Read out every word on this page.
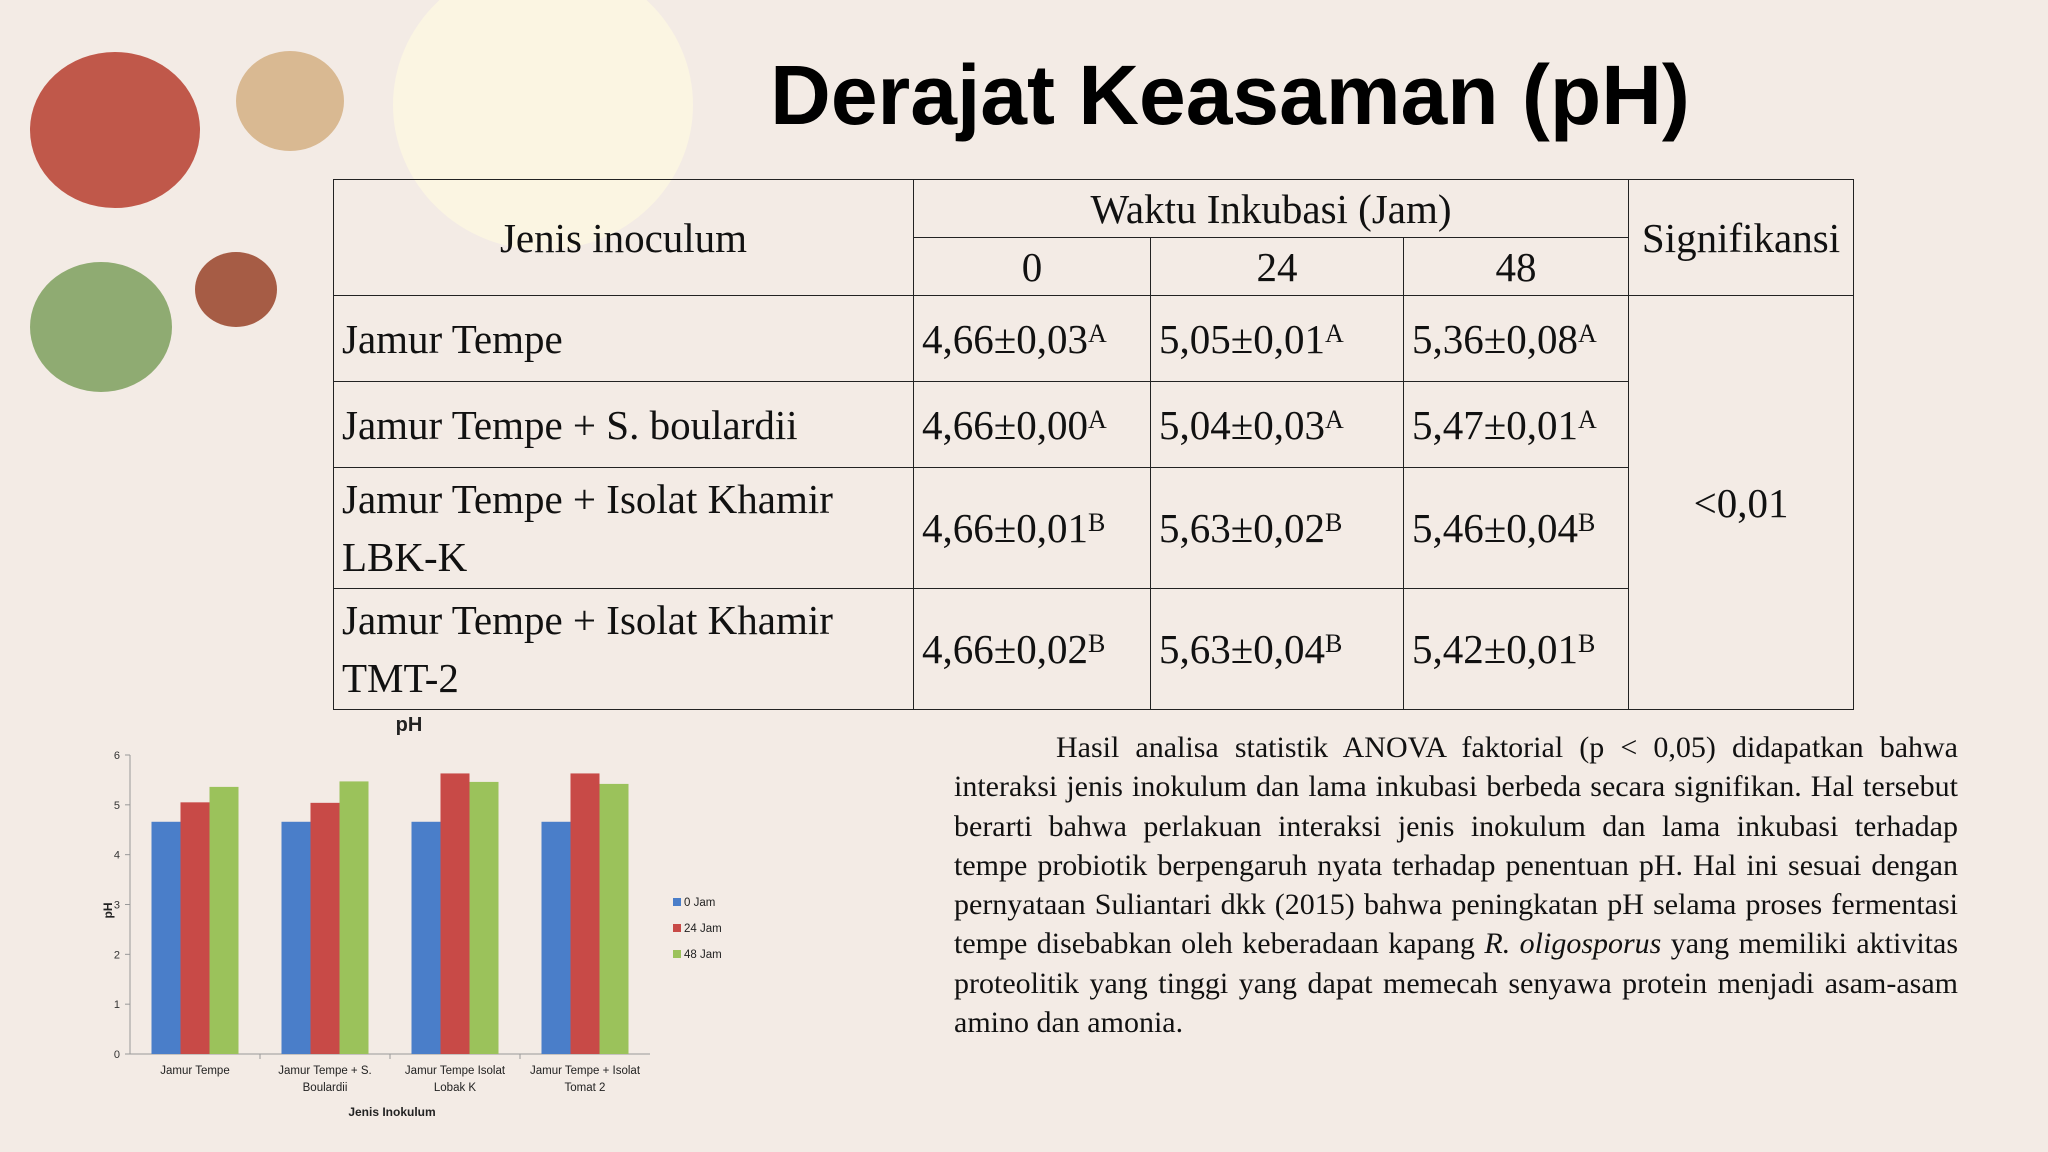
Derajat Keasaman (pH)
Jenis inoculum	Waktu Inkubasi (Jam)			Signifikansi
	0	24	48	
Jamur Tempe	$4,66\pm 0,03^A$	$5,05\pm 0,01^A$	$5,36\pm 0,08^A$	<0,01
Jamur Tempe + S. boulardii	$4,66\pm 0,00^A$	$5,04\pm 0,03^A$	$5,47\pm 0,01^A$
Jamur Tempe + Isolat Khamir LBK-K	$4,66\pm 0,01^B$	$5,63\pm 0,02^B$	$5,46\pm 0,04^B$
Jamur Tempe + Isolat Khamir TMT-2	$4,66\pm 0,02^B$	$5,63\pm 0,04^B$	$5,42\pm 0,01^B$
pH
0
1
2
3
4
5
6
Jamur Tempe	Jamur Tempe + S.
Boulardii
Jamur Tempe Isolat
Lobak K
Jamur Tempe + Isolat
Tomat 2
Jenis Inokulum
pH	0 Jam
24 Jam
48 Jam

Hasil analisa statistik ANOVA faktorial (p < 0,05) didapatkan bahwa interaksi jenis inokulum dan lama inkubasi berbeda secara signifikan. Hal tersebut berarti bahwa perlakuan interaksi jenis inokulum dan lama inkubasi terhadap tempe probiotik berpengaruh nyata terhadap penentuan pH. Hal ini sesuai dengan pernyataan Suliantari dkk (2015) bahwa peningkatan pH selama proses fermentasi tempe disebabkan oleh keberadaan kapang R. oligosporus yang memiliki aktivitas proteolitik yang tinggi yang dapat memecah senyawa protein menjadi asam-asam amino dan amonia.
